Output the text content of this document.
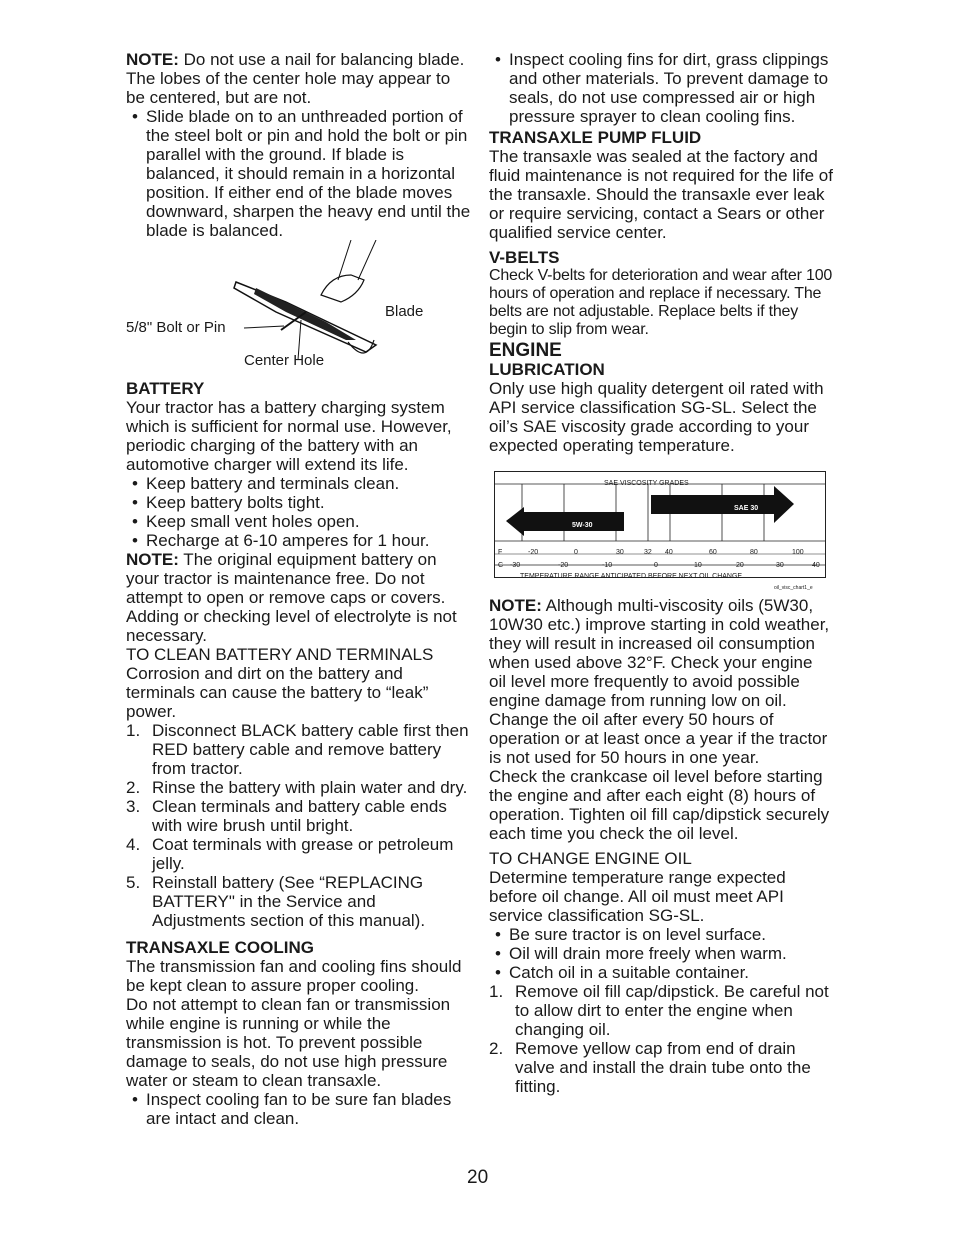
NOTE: Do not use a nail for balancing blade. The lobes of the center hole may appear to be centered, but are not.

• Slide blade on to an unthreaded portion of the steel bolt or pin and hold the bolt or pin parallel with the ground. If blade is balanced, it should remain in a horizontal position. If either end of the blade moves downward, sharpen the heavy end until the blade is balanced.

5/8" Bolt or Pin
Blade
Center Hole

BATTERY

Your tractor has a battery charging system which is sufficient for normal use. However, periodic charging of the battery with an automotive charger will extend its life.

• Keep battery and terminals clean.

• Keep battery bolts tight.

• Keep small vent holes open.

• Recharge at 6-10 amperes for 1 hour.

NOTE: The original equipment battery on your tractor is maintenance free. Do not attempt to open or remove caps or covers. Adding or checking level of electrolyte is not necessary.

TO CLEAN BATTERY AND TERMINALS

Corrosion and dirt on the battery and terminals can cause the battery to “leak” power.

1. Disconnect BLACK battery cable first then RED battery cable and remove battery from tractor.

2. Rinse the battery with plain water and dry.

3. Clean terminals and battery cable ends with wire brush until bright.

4. Coat terminals with grease or petroleum jelly.

5. Reinstall battery (See “REPLACING BATTERY" in the Service and Adjustments section of this manual).

TRANSAXLE COOLING

The transmission fan and cooling fins should be kept clean to assure proper cooling.

Do not attempt to clean fan or transmission while engine is running or while the transmission is hot. To prevent possible damage to seals, do not use high pressure water or steam to clean transaxle.

• Inspect cooling fan to be sure fan blades are intact and clean.

• Inspect cooling fins for dirt, grass clippings and other materials. To prevent damage to seals, do not use compressed air or high pressure sprayer to clean cooling fins.

TRANSAXLE PUMP FLUID

The transaxle was sealed at the factory and fluid maintenance is not required for the life of the transaxle. Should the transaxle ever leak or require servicing, contact a Sears or other qualified service center.

V-BELTS

Check V-belts for deterioration and wear after 100 hours of operation and replace if necessary. The belts are not adjustable. Replace belts if they begin to slip from wear.

ENGINE

LUBRICATION

Only use high quality detergent oil rated with API service classification SG-SL. Select the oil’s SAE viscosity grade according to your expected operating temperature.

SAE VISCOSITY GRADES
SAE 30
5W-30
F
C
-20	0	30	32 40	60	80	100
-30	-20	-10	0	10	20	30	40
TEMPERATURE RANGE ANTICIPATED BEFORE NEXT OIL CHANGE
oil_visc_chart1_e

NOTE: Although multi-viscosity oils (5W30, 10W30 etc.) improve starting in cold weather, they will result in increased oil consumption when used above 32°F. Check your engine oil level more frequently to avoid possible engine damage from running low on oil.

Change the oil after every 50 hours of operation or at least once a year if the tractor is not used for 50 hours in one year.

Check the crankcase oil level before starting the engine and after each eight (8) hours of operation. Tighten oil fill cap/dipstick securely each time you check the oil level.

TO CHANGE ENGINE OIL

Determine temperature range expected before oil change. All oil must meet API service classification SG-SL.

• Be sure tractor is on level surface.

• Oil will drain more freely when warm.

• Catch oil in a suitable container.

1. Remove oil fill cap/dipstick. Be careful not to allow dirt to enter the engine when changing oil.

2. Remove yellow cap from end of drain valve and install the drain tube onto the fitting.

20
